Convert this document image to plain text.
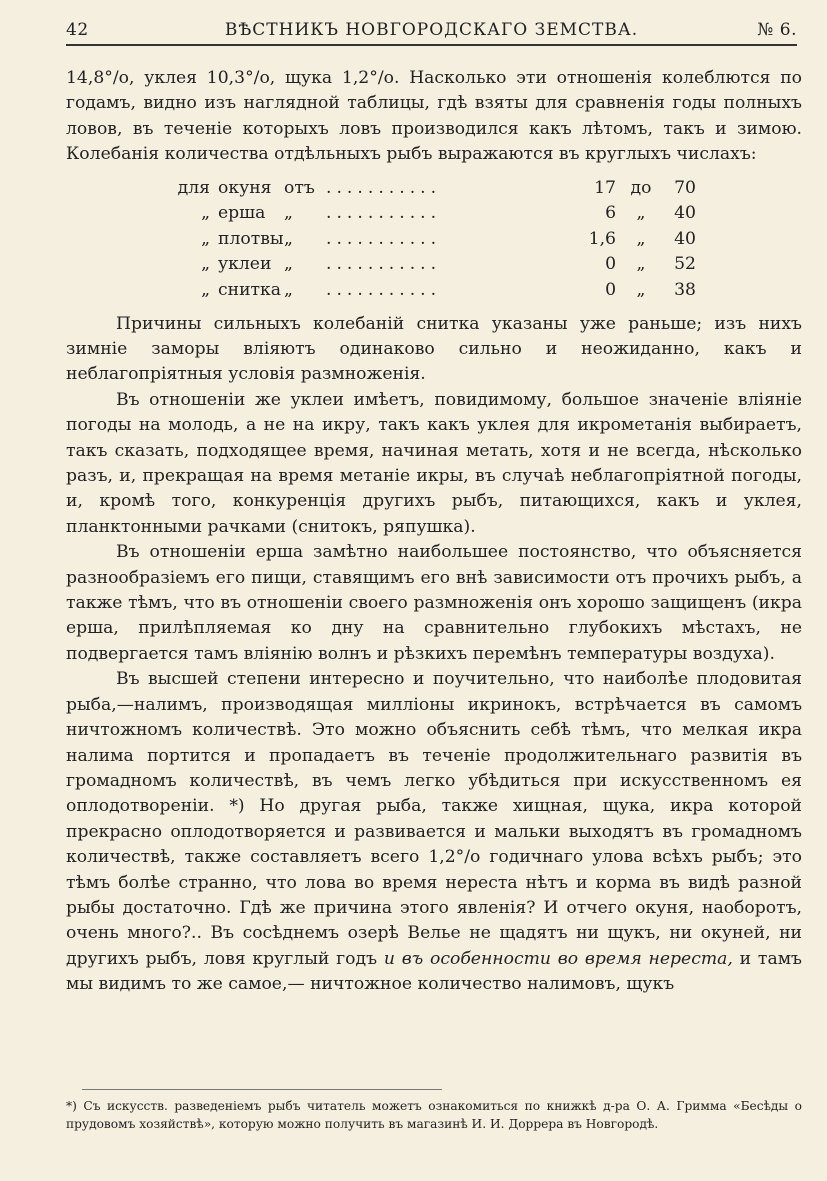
42	ВѢСТНИКЪ НОВГОРОДСКАГО ЗЕМСТВА.	№ 6.

14,8°/о, уклея 10,3°/о, щука 1,2°/о. Насколько эти отношенія колеблются по годамъ, видно изъ наглядной таблицы, гдѣ взяты для сравненія годы полныхъ ловов, въ теченіе которыхъ ловъ производился какъ лѣтомъ, такъ и зимою. Колебанія количества отдѣльныхъ рыбъ выражаются въ круглыхъ числахъ:

для	окуня	отъ	...........	17	до	70
„	ерша	„	...........	6	„	40
„	плотвы	„	...........	1,6	„	40
„	уклеи	„	...........	0	„	52
„	снитка	„	...........	0	„	38

Причины сильныхъ колебаній снитка указаны уже раньше; изъ нихъ зимніе заморы вліяютъ одинаково сильно и неожиданно, какъ и неблагопріятныя условія размноженія.

Въ отношеніи же уклеи имѣетъ, повидимому, большое значеніе вліяніе погоды на молодь, а не на икру, такъ какъ уклея для икрометанія выбираетъ, такъ сказать, подходящее время, начиная метать, хотя и не всегда, нѣсколько разъ, и, прекращая на время метаніе икры, въ случаѣ неблагопріятной погоды, и, кромѣ того, конкуренція другихъ рыбъ, питающихся, какъ и уклея, планктонными рачками (снитокъ, ряпушка).

Въ отношеніи ерша замѣтно наибольшее постоянство, что объясняется разнообразіемъ его пищи, ставящимъ его внѣ зависимости отъ прочихъ рыбъ, а также тѣмъ, что въ отношеніи своего размноженія онъ хорошо защищенъ (икра ерша, прилѣпляемая ко дну на сравнительно глубокихъ мѣстахъ, не подвергается тамъ вліянію волнъ и рѣзкихъ перемѣнъ температуры воздуха).

Въ высшей степени интересно и поучительно, что наиболѣе плодовитая рыба,—налимъ, производящая милліоны икринокъ, встрѣчается въ самомъ ничтожномъ количествѣ. Это можно объяснить себѣ тѣмъ, что мелкая икра налима портится и пропадаетъ въ теченіе продолжительнаго развитія въ громадномъ количествѣ, въ чемъ легко убѣдиться при искусственномъ ея оплодотвореніи. *) Но другая рыба, также хищная, щука, икра которой прекрасно оплодотворяется и развивается и мальки выходятъ въ громадномъ количествѣ, также составляетъ всего 1,2°/о годичнаго улова всѣхъ рыбъ; это тѣмъ болѣе странно, что лова во время нереста нѣтъ и корма въ видѣ разной рыбы достаточно. Гдѣ же причина этого явленія? И отчего окуня, наоборотъ, очень много?.. Въ сосѣднемъ озерѣ Велье не щадятъ ни щукъ, ни окуней, ни другихъ рыбъ, ловя круглый годъ и въ особенности во время нереста, и тамъ мы видимъ то же самое,— ничтожное количество налимовъ, щукъ

*) Съ искусств. разведеніемъ рыбъ читатель можетъ ознакомиться по книжкѣ д-ра О. А. Гримма «Бесѣды о прудовомъ хозяйствѣ», которую можно получить въ магазинѣ И. И. Доррера въ Новгородѣ.
